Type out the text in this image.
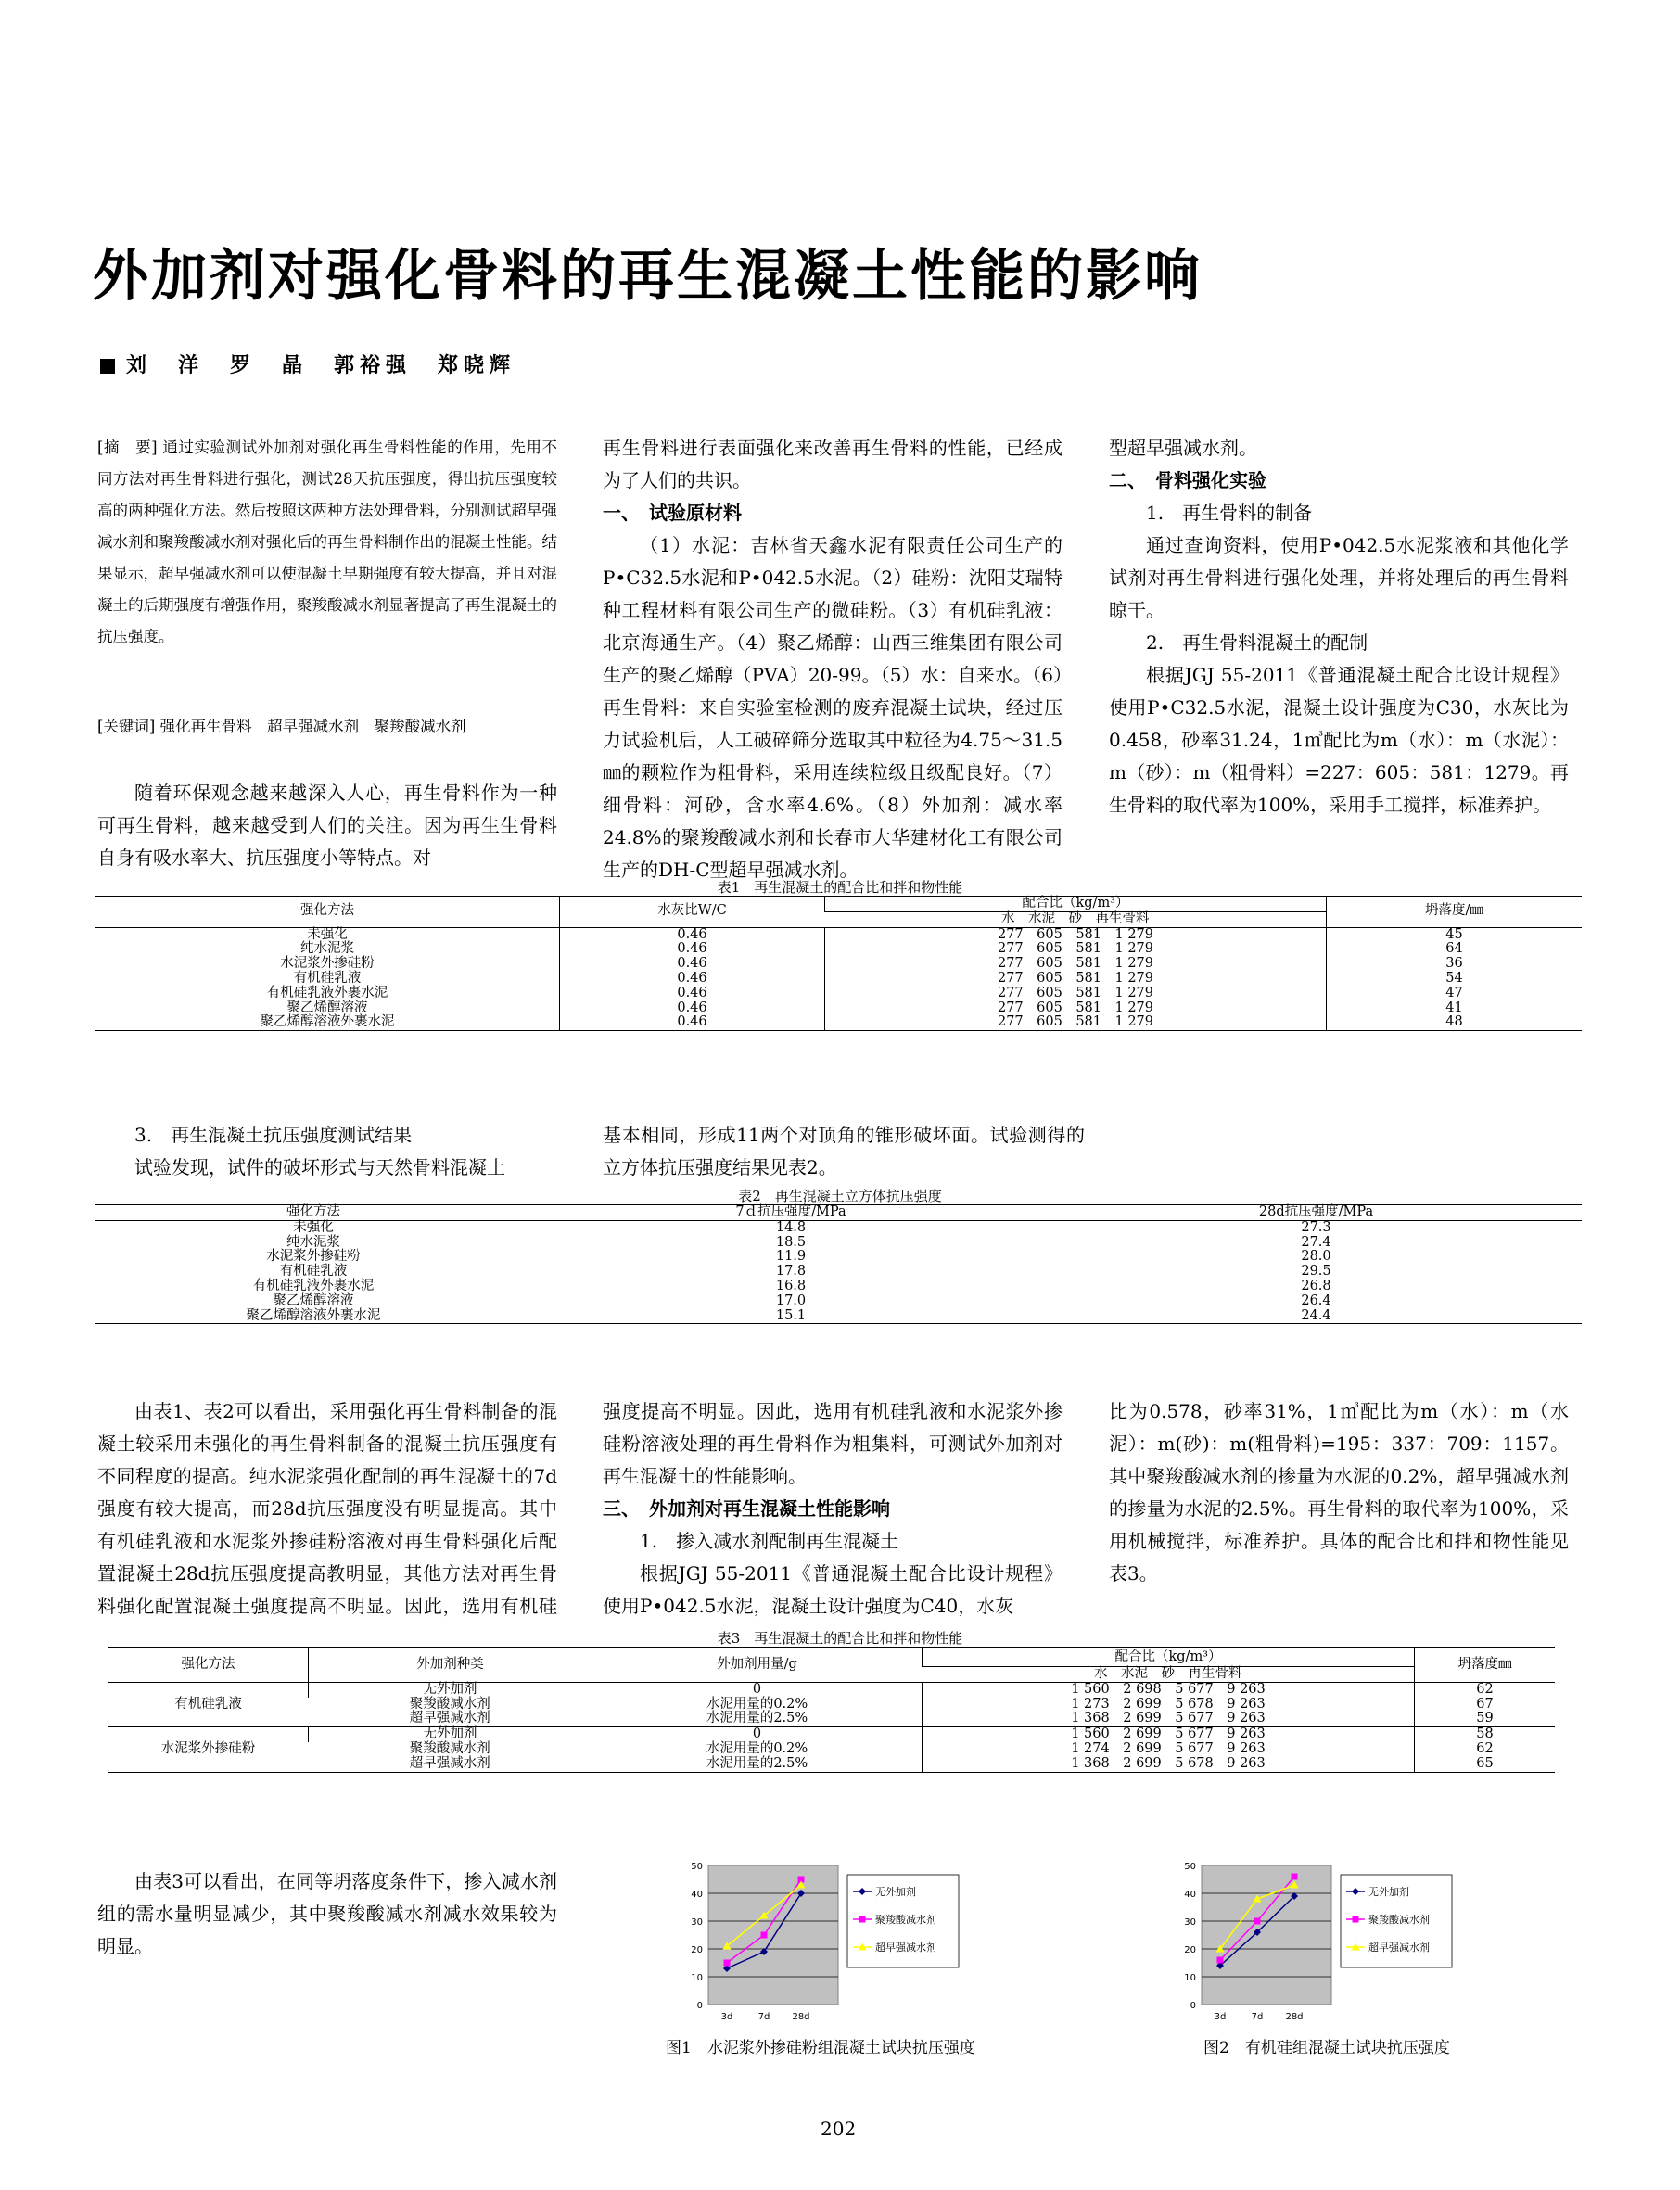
外加剂对强化骨料的再生混凝土性能的影响
刘　洋　罗　晶　郭裕强　郑晓辉
[摘　要] 通过实验测试外加剂对强化再生骨料性能的作用，先用不同方法对再生骨料进行强化，测试28天抗压强度，得出抗压强度较高的两种强化方法。然后按照这两种方法处理骨料，分别测试超早强减水剂和聚羧酸减水剂对强化后的再生骨料制作出的混凝土性能。结果显示，超早强减水剂可以使混凝土早期强度有较大提高，并且对混凝土的后期强度有增强作用，聚羧酸减水剂显著提高了再生混凝土的抗压强度。
[关键词] 强化再生骨料　超早强减水剂　聚羧酸减水剂

随着环保观念越来越深入人心，再生骨料作为一种可再生骨料，越来越受到人们的关注。因为再生生骨料自身有吸水率大、抗压强度小等特点。对

再生骨料进行表面强化来改善再生骨料的性能，已经成为了人们的共识。

一、　试验原材料

（1）水泥：吉林省天鑫水泥有限责任公司生产的P•C32.5水泥和P•042.5水泥。（2）硅粉：沈阳艾瑞特种工程材料有限公司生产的微硅粉。（3）有机硅乳液：北京海通生产。（4）聚乙烯醇：山西三维集团有限公司生产的聚乙烯醇（PVA）20-99。（5）水：自来水。（6）再生骨料：来自实验室检测的废弃混凝土试块，经过压力试验机后，人工破碎筛分选取其中粒径为4.75～31.5㎜的颗粒作为粗骨料，采用连续粒级且级配良好。（7）细骨料：河砂，含水率4.6%。（8）外加剂：减水率24.8%的聚羧酸减水剂和长春市大华建材化工有限公司生产的DH-C型超早强减水剂。

型超早强减水剂。

二、　骨料强化实验

1.　再生骨料的制备

通过查询资料，使用P•042.5水泥浆液和其他化学试剂对再生骨料进行强化处理，并将处理后的再生骨料晾干。

2.　再生骨料混凝土的配制

根据JGJ 55-2011《普通混凝土配合比设计规程》使用P•C32.5水泥，混凝土设计强度为C30，水灰比为0.458，砂率31.24，1㎥配比为m（水）：m（水泥）：m（砂）：m（粗骨料）=227：605：581：1279。再生骨料的取代率为100%，采用手工搅拌，标准养护。

表1　再生混凝土的配合比和拌和物性能
强化方法	水灰比W/C	配合比（kg/m³）	坍落度/㎜
		水　水泥　砂　再生骨料	
未强化	0.46	277　605　581　1 279	45
纯水泥浆	0.46	277　605　581　1 279	64
水泥浆外掺硅粉	0.46	277　605　581　1 279	36
有机硅乳液	0.46	277　605　581　1 279	54
有机硅乳液外裹水泥	0.46	277　605　581　1 279	47
聚乙烯醇溶液	0.46	277　605　581　1 279	41
聚乙烯醇溶液外裹水泥	0.46	277　605　581　1 279	48

3.　再生混凝土抗压强度测试结果

试验发现，试件的破坏形式与天然骨料混凝土

基本相同，形成11两个对顶角的锥形破坏面。试验测得的立方体抗压强度结果见表2。

表2　再生混凝土立方体抗压强度
强化方法	7ｄ抗压强度/MPa	28d抗压强度/MPa
未强化	14.8	27.3
纯水泥浆	18.5	27.4
水泥浆外掺硅粉	11.9	28.0
有机硅乳液	17.8	29.5
有机硅乳液外裹水泥	16.8	26.8
聚乙烯醇溶液	17.0	26.4
聚乙烯醇溶液外裹水泥	15.1	24.4

由表1、表2可以看出，采用强化再生骨料制备的混凝土较采用未强化的再生骨料制备的混凝土抗压强度有不同程度的提高。纯水泥浆强化配制的再生混凝土的7d强度有较大提高，而28d抗压强度没有明显提高。其中有机硅乳液和水泥浆外掺硅粉溶液对再生骨料强化后配置混凝土28d抗压强度提高教明显，其他方法对再生骨料强化配置混凝土强度提高不明显。因此，选用有机硅

强度提高不明显。因此，选用有机硅乳液和水泥浆外掺硅粉溶液处理的再生骨料作为粗集料，可测试外加剂对再生混凝土的性能影响。

三、　外加剂对再生混凝土性能影响

1.　掺入减水剂配制再生混凝土

根据JGJ 55-2011《普通混凝土配合比设计规程》使用P•042.5水泥，混凝土设计强度为C40，水灰

比为0.578，砂率31%，1㎥配比为m（水）：m（水泥）：m(砂)：m(粗骨料)=195：337：709：1157。其中聚羧酸减水剂的掺量为水泥的0.2%，超早强减水剂的掺量为水泥的2.5%。再生骨料的取代率为100%，采用机械搅拌，标准养护。具体的配合比和拌和物性能见表3。

表3　再生混凝土的配合比和拌和物性能
强化方法	外加剂种类	外加剂用量/g	配合比（kg/m³）	坍落度㎜
			水　水泥　砂　再生骨料	
有机硅乳液	无外加剂	0	1 560　2 698　5 677　9 263	62
	聚羧酸减水剂	水泥用量的0.2%	1 273　2 699　5 678　9 263	67
	超早强减水剂	水泥用量的2.5%	1 368　2 699　5 677　9 263	59
水泥浆外掺硅粉	无外加剂	0	1 560　2 699　5 677　9 263	58
	聚羧酸减水剂	水泥用量的0.2%	1 274　2 699　5 677　9 263	62
	超早强减水剂	水泥用量的2.5%	1 368　2 699　5 678　9 263	65

由表3可以看出，在同等坍落度条件下，掺入减水剂组的需水量明显减少，其中聚羧酸减水剂减水效果较为明显。

0
10
20
30
40
50
3d	7d 28d
无外加剂
聚羧酸减水剂
超早强减水剂
图1　水泥浆外掺硅粉组混凝土试块抗压强度
0
10
20
30
40
50
3d	7d 28d
无外加剂
聚羧酸减水剂
超早强减水剂
图2　有机硅组混凝土试块抗压强度
202
